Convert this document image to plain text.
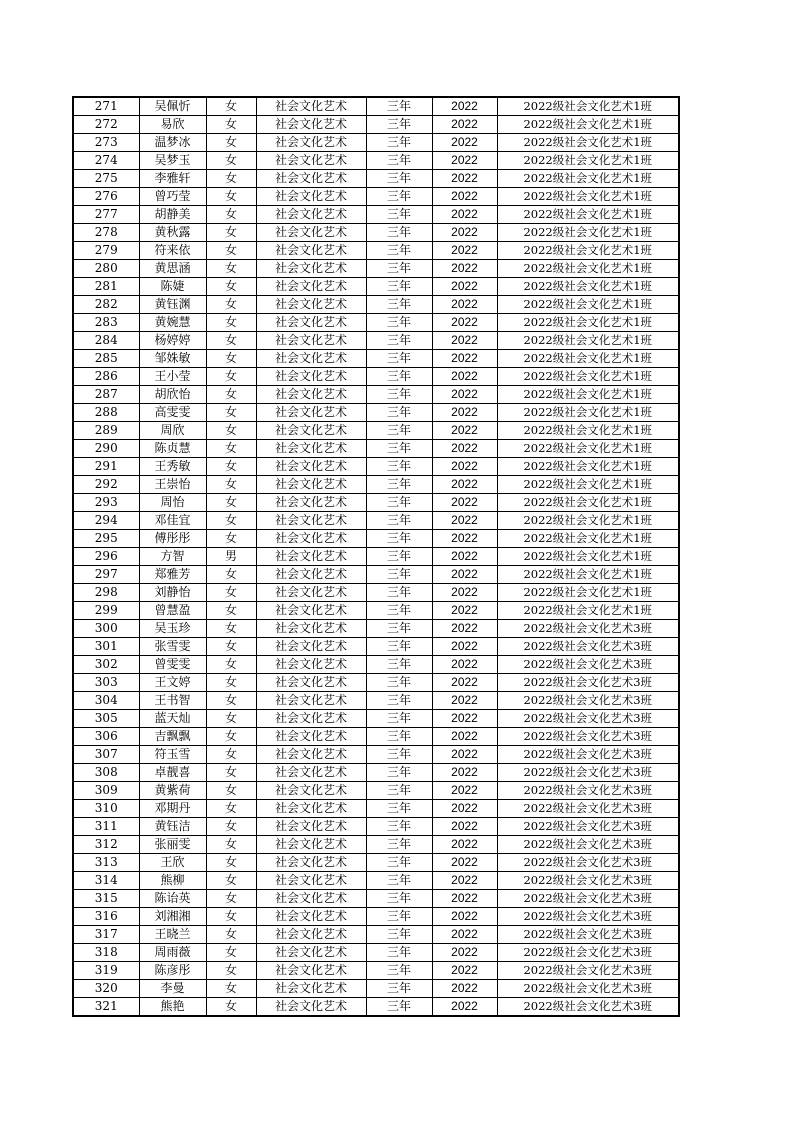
271	吴佩忻	女	社会文化艺术	三年	2022	2022级社会文化艺术1班
272	易欣	女	社会文化艺术	三年	2022	2022级社会文化艺术1班
273	温梦冰	女	社会文化艺术	三年	2022	2022级社会文化艺术1班
274	吴梦玉	女	社会文化艺术	三年	2022	2022级社会文化艺术1班
275	李雅轩	女	社会文化艺术	三年	2022	2022级社会文化艺术1班
276	曾巧莹	女	社会文化艺术	三年	2022	2022级社会文化艺术1班
277	胡静美	女	社会文化艺术	三年	2022	2022级社会文化艺术1班
278	黄秋露	女	社会文化艺术	三年	2022	2022级社会文化艺术1班
279	符来依	女	社会文化艺术	三年	2022	2022级社会文化艺术1班
280	黄思涵	女	社会文化艺术	三年	2022	2022级社会文化艺术1班
281	陈婕	女	社会文化艺术	三年	2022	2022级社会文化艺术1班
282	黄钰渊	女	社会文化艺术	三年	2022	2022级社会文化艺术1班
283	黄婉慧	女	社会文化艺术	三年	2022	2022级社会文化艺术1班
284	杨婷婷	女	社会文化艺术	三年	2022	2022级社会文化艺术1班
285	邹姝敏	女	社会文化艺术	三年	2022	2022级社会文化艺术1班
286	王小莹	女	社会文化艺术	三年	2022	2022级社会文化艺术1班
287	胡欣怡	女	社会文化艺术	三年	2022	2022级社会文化艺术1班
288	高雯雯	女	社会文化艺术	三年	2022	2022级社会文化艺术1班
289	周欣	女	社会文化艺术	三年	2022	2022级社会文化艺术1班
290	陈贞慧	女	社会文化艺术	三年	2022	2022级社会文化艺术1班
291	王秀敏	女	社会文化艺术	三年	2022	2022级社会文化艺术1班
292	王崇怡	女	社会文化艺术	三年	2022	2022级社会文化艺术1班
293	周怡	女	社会文化艺术	三年	2022	2022级社会文化艺术1班
294	邓佳宜	女	社会文化艺术	三年	2022	2022级社会文化艺术1班
295	傅彤彤	女	社会文化艺术	三年	2022	2022级社会文化艺术1班
296	方智	男	社会文化艺术	三年	2022	2022级社会文化艺术1班
297	郑雅芳	女	社会文化艺术	三年	2022	2022级社会文化艺术1班
298	刘静怡	女	社会文化艺术	三年	2022	2022级社会文化艺术1班
299	曾慧盈	女	社会文化艺术	三年	2022	2022级社会文化艺术1班
300	吴玉珍	女	社会文化艺术	三年	2022	2022级社会文化艺术3班
301	张雪雯	女	社会文化艺术	三年	2022	2022级社会文化艺术3班
302	曾雯雯	女	社会文化艺术	三年	2022	2022级社会文化艺术3班
303	王文婷	女	社会文化艺术	三年	2022	2022级社会文化艺术3班
304	王书智	女	社会文化艺术	三年	2022	2022级社会文化艺术3班
305	蓝天灿	女	社会文化艺术	三年	2022	2022级社会文化艺术3班
306	吉飘飘	女	社会文化艺术	三年	2022	2022级社会文化艺术3班
307	符玉雪	女	社会文化艺术	三年	2022	2022级社会文化艺术3班
308	卓靓喜	女	社会文化艺术	三年	2022	2022级社会文化艺术3班
309	黄紫荷	女	社会文化艺术	三年	2022	2022级社会文化艺术3班
310	邓期丹	女	社会文化艺术	三年	2022	2022级社会文化艺术3班
311	黄钰洁	女	社会文化艺术	三年	2022	2022级社会文化艺术3班
312	张丽雯	女	社会文化艺术	三年	2022	2022级社会文化艺术3班
313	王欣	女	社会文化艺术	三年	2022	2022级社会文化艺术3班
314	熊柳	女	社会文化艺术	三年	2022	2022级社会文化艺术3班
315	陈诒英	女	社会文化艺术	三年	2022	2022级社会文化艺术3班
316	刘湘湘	女	社会文化艺术	三年	2022	2022级社会文化艺术3班
317	王晓兰	女	社会文化艺术	三年	2022	2022级社会文化艺术3班
318	周雨薇	女	社会文化艺术	三年	2022	2022级社会文化艺术3班
319	陈彦彤	女	社会文化艺术	三年	2022	2022级社会文化艺术3班
320	李曼	女	社会文化艺术	三年	2022	2022级社会文化艺术3班
321	熊艳	女	社会文化艺术	三年	2022	2022级社会文化艺术3班
